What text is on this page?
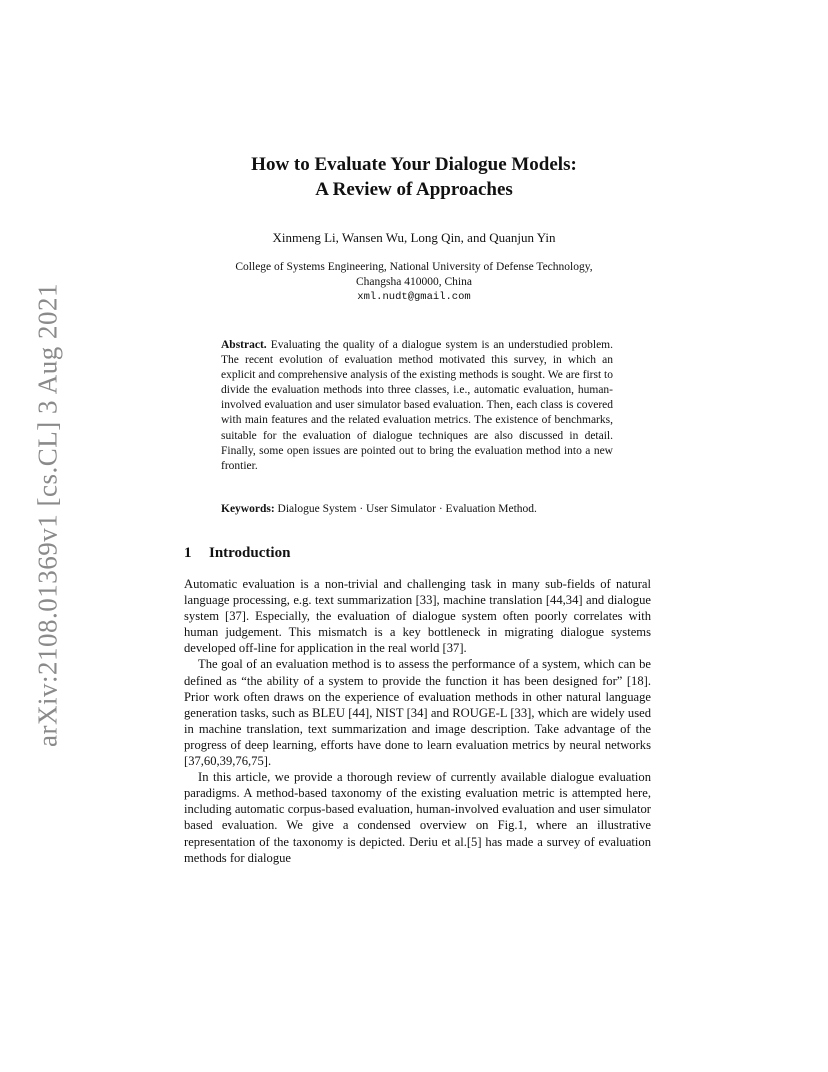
arXiv:2108.01369v1 [cs.CL] 3 Aug 2021
How to Evaluate Your Dialogue Models:
A Review of Approaches
Xinmeng Li, Wansen Wu, Long Qin, and Quanjun Yin
College of Systems Engineering, National University of Defense Technology,
Changsha 410000, China
xml.nudt@gmail.com

Abstract. Evaluating the quality of a dialogue system is an understudied problem. The recent evolution of evaluation method motivated this survey, in which an explicit and comprehensive analysis of the existing methods is sought. We are first to divide the evaluation methods into three classes, i.e., automatic evaluation, human-involved evaluation and user simulator based evaluation. Then, each class is covered with main features and the related evaluation metrics. The existence of benchmarks, suitable for the evaluation of dialogue techniques are also discussed in detail. Finally, some open issues are pointed out to bring the evaluation method into a new frontier.

Keywords: Dialogue System · User Simulator · Evaluation Method.
1 Introduction

Automatic evaluation is a non-trivial and challenging task in many sub-fields of natural language processing, e.g. text summarization [33], machine translation [44,34] and dialogue system [37]. Especially, the evaluation of dialogue system often poorly correlates with human judgement. This mismatch is a key bottleneck in migrating dialogue systems developed off-line for application in the real world [37].

The goal of an evaluation method is to assess the performance of a system, which can be defined as “the ability of a system to provide the function it has been designed for” [18]. Prior work often draws on the experience of evaluation methods in other natural language generation tasks, such as BLEU [44], NIST [34] and ROUGE-L [33], which are widely used in machine translation, text summarization and image description. Take advantage of the progress of deep learning, efforts have done to learn evaluation metrics by neural networks [37,60,39,76,75].

In this article, we provide a thorough review of currently available dialogue evaluation paradigms. A method-based taxonomy of the existing evaluation metric is attempted here, including automatic corpus-based evaluation, human-involved evaluation and user simulator based evaluation. We give a condensed overview on Fig.1, where an illustrative representation of the taxonomy is depicted. Deriu et al.[5] has made a survey of evaluation methods for dialogue
